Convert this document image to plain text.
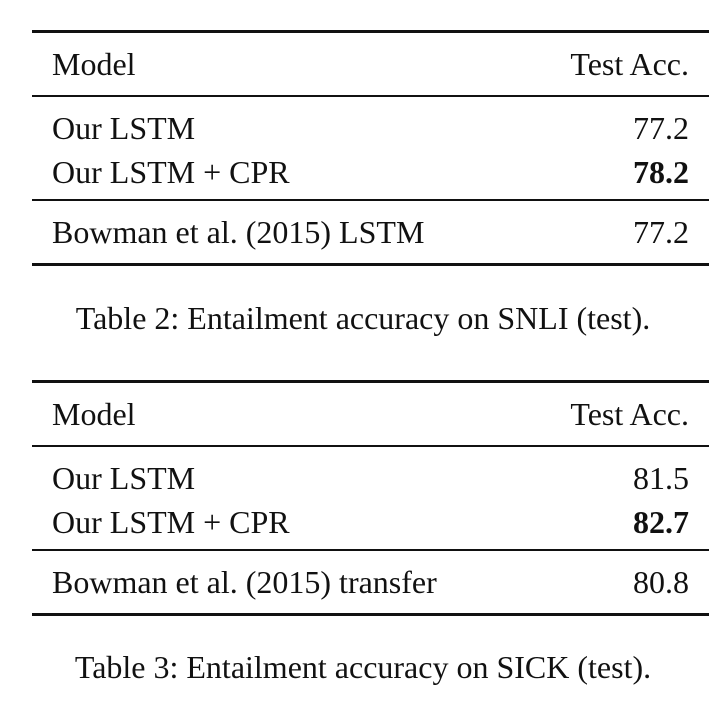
Model	Test Acc.
Our LSTM	77.2
Our LSTM + CPR	78.2
Bowman et al. (2015) LSTM	77.2
Table 2: Entailment accuracy on SNLI (test).
Model	Test Acc.
Our LSTM	81.5
Our LSTM + CPR	82.7
Bowman et al. (2015) transfer	80.8
Table 3: Entailment accuracy on SICK (test).
